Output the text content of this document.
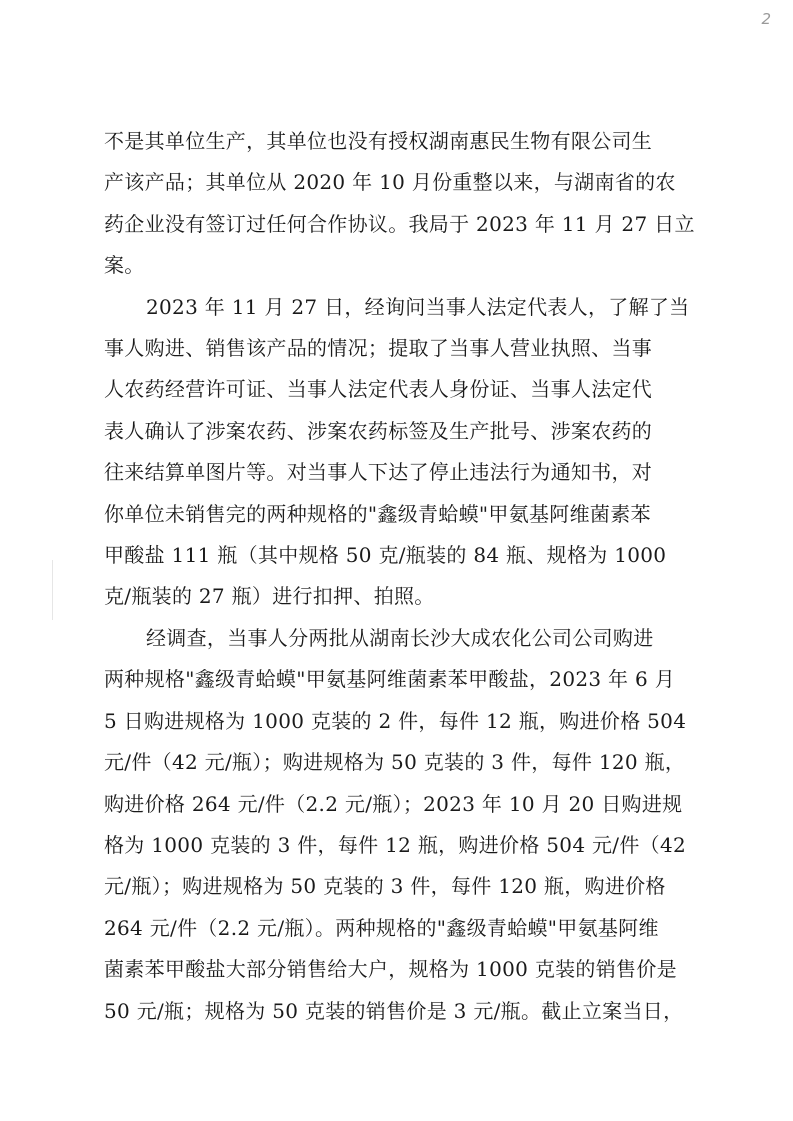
2

不是其单位生产，其单位也没有授权湖南惠民生物有限公司生
产该产品；其单位从 2020 年 10 月份重整以来，与湖南省的农
药企业没有签订过任何合作协议。我局于 2023 年 11 月 27 日立
案。

2023 年 11 月 27 日，经询问当事人法定代表人，了解了当
事人购进、销售该产品的情况；提取了当事人营业执照、当事
人农药经营许可证、当事人法定代表人身份证、当事人法定代
表人确认了涉案农药、涉案农药标签及生产批号、涉案农药的
往来结算单图片等。对当事人下达了停止违法行为通知书，对
你单位未销售完的两种规格的"鑫级青蛤蟆"甲氨基阿维菌素苯
甲酸盐 111 瓶（其中规格 50 克/瓶装的 84 瓶、规格为 1000
克/瓶装的 27 瓶）进行扣押、拍照。

经调查，当事人分两批从湖南长沙大成农化公司公司购进
两种规格"鑫级青蛤蟆"甲氨基阿维菌素苯甲酸盐，2023 年 6 月
5 日购进规格为 1000 克装的 2 件，每件 12 瓶，购进价格 504
元/件（42 元/瓶）；购进规格为 50 克装的 3 件，每件 120 瓶，
购进价格 264 元/件（2.2 元/瓶）；2023 年 10 月 20 日购进规
格为 1000 克装的 3 件，每件 12 瓶，购进价格 504 元/件（42
元/瓶）；购进规格为 50 克装的 3 件，每件 120 瓶，购进价格
264 元/件（2.2 元/瓶）。两种规格的"鑫级青蛤蟆"甲氨基阿维
菌素苯甲酸盐大部分销售给大户，规格为 1000 克装的销售价是
50 元/瓶；规格为 50 克装的销售价是 3 元/瓶。截止立案当日，
